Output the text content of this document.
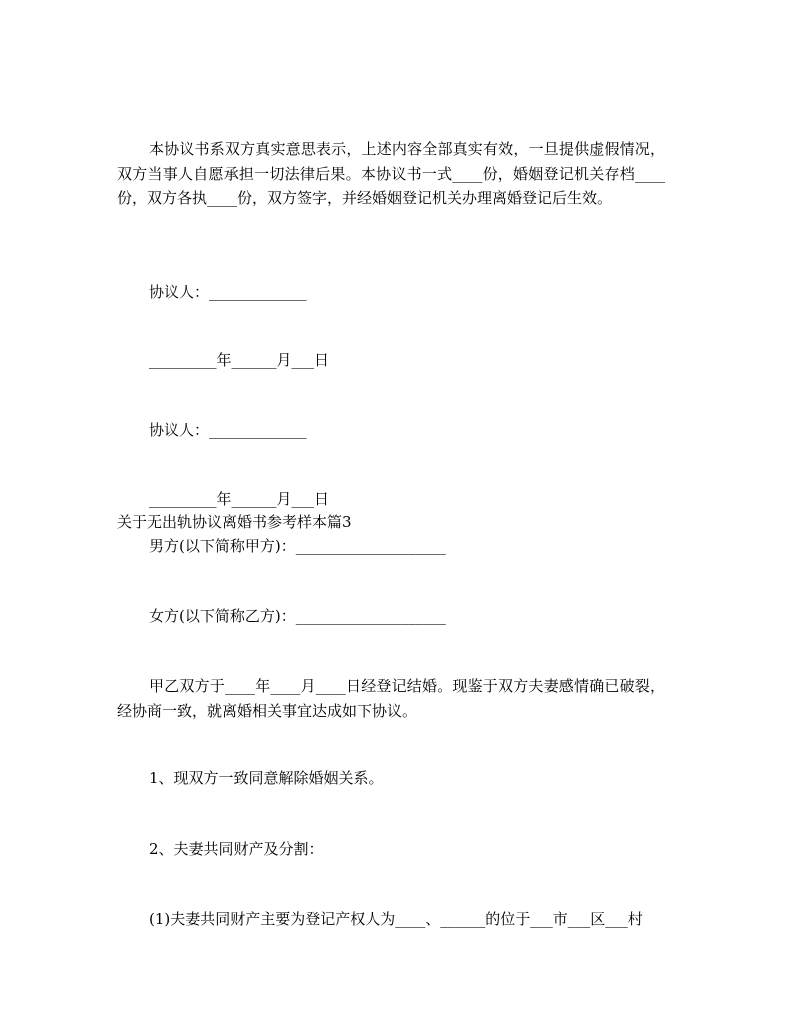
本协议书系双方真实意思表示，上述内容全部真实有效，一旦提供虚假情况，双方当事人自愿承担一切法律后果。本协议书一式____份，婚姻登记机关存档____份，双方各执____份，双方签字，并经婚姻登记机关办理离婚登记后生效。
协议人：_____________
_________年______月___日
协议人：_____________
_________年______月___日
关于无出轨协议离婚书参考样本篇3
男方(以下简称甲方)：____________________
女方(以下简称乙方)：____________________
甲乙双方于____年____月____日经登记结婚。现鉴于双方夫妻感情确已破裂，经协商一致，就离婚相关事宜达成如下协议。
1、现双方一致同意解除婚姻关系。
2、夫妻共同财产及分割：
(1)夫妻共同财产主要为登记产权人为____、______的位于___市___区___村
